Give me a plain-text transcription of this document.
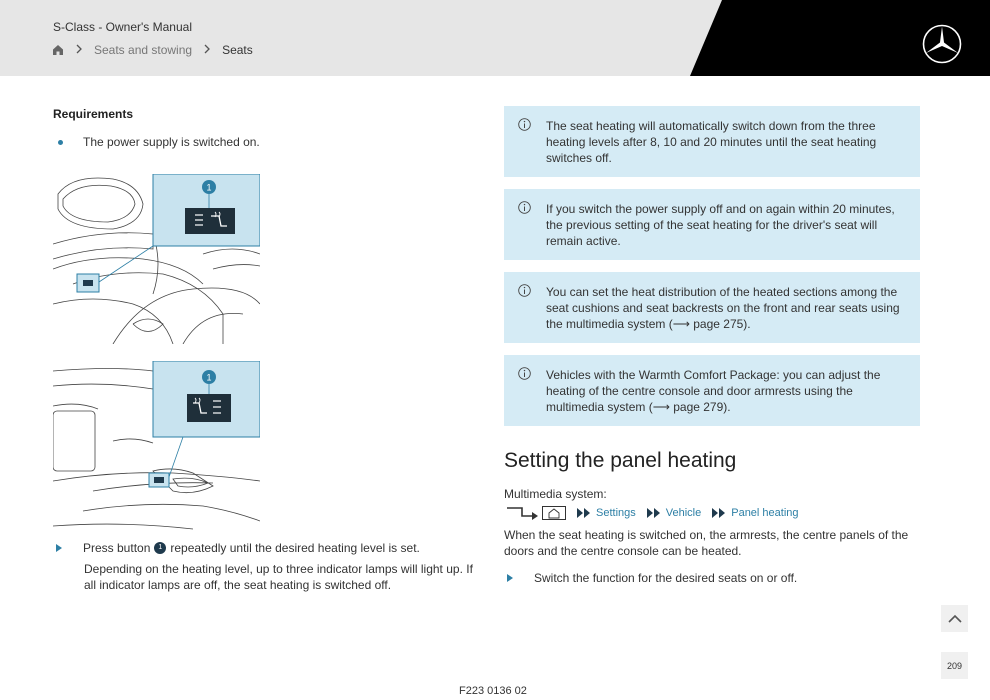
S-Class - Owner's Manual
Seats and stowing	Seats
Requirements
The power supply is switched on.
1
1
Press button	1 repeatedly until the desired heating level is set.
Depending on the heating level, up to three indicator lamps will light up. If all indicator lamps are off, the seat heating is switched off.
The seat heating will automatically switch down from the three heating levels after 8, 10 and 20 minutes until the seat heating switches off.
If you switch the power supply off and on again within 20 minutes, the previous setting of the seat heating for the driver's seat will remain active.
You can set the heat distribution of the heated sections among the seat cushions and seat backrests on the front and rear seats using the multimedia system (⟶ page 275).
Vehicles with the Warmth Comfort Package: you can adjust the heating of the centre console and door armrests using the multimedia system (⟶ page 279).
Setting the panel heating
Multimedia system:
Settings	Vehicle	Panel heating
When the seat heating is switched on, the armrests, the centre panels of the doors and the centre console can be heated.
Switch the function for the desired seats on or off.
209
F223 0136 02
